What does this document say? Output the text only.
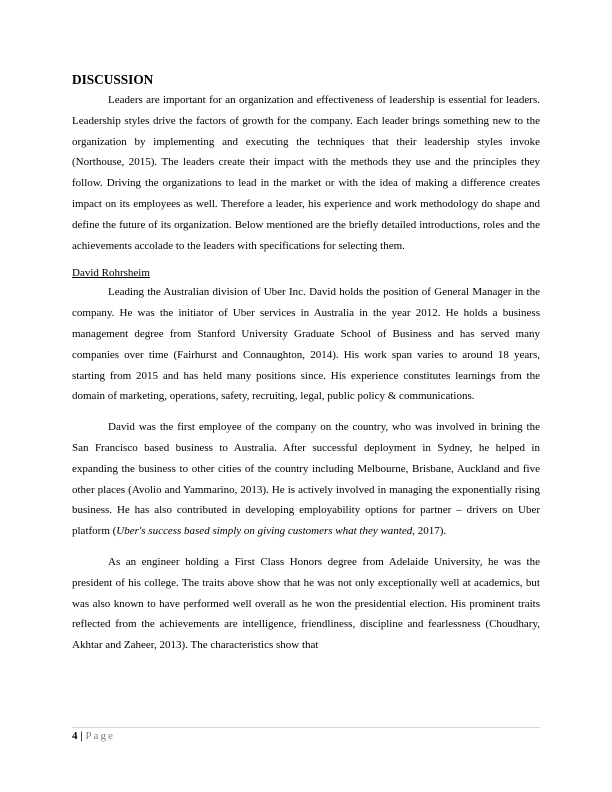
DISCUSSION

Leaders are important for an organization and effectiveness of leadership is essential for leaders. Leadership styles drive the factors of growth for the company. Each leader brings something new to the organization by implementing and executing the techniques that their leadership styles invoke (Northouse, 2015). The leaders create their impact with the methods they use and the principles they follow. Driving the organizations to lead in the market or with the idea of making a difference creates impact on its employees as well. Therefore a leader, his experience and work methodology do shape and define the future of its organization. Below mentioned are the briefly detailed introductions, roles and the achievements accolade to the leaders with specifications for selecting them.

David Rohrsheim

Leading the Australian division of Uber Inc. David holds the position of General Manager in the company. He was the initiator of Uber services in Australia in the year 2012. He holds a business management degree from Stanford University Graduate School of Business and has served many companies over time (Fairhurst and Connaughton, 2014). His work span varies to around 18 years, starting from 2015 and has held many positions since. His experience constitutes learnings from the domain of marketing, operations, safety, recruiting, legal, public policy & communications.

David was the first employee of the company on the country, who was involved in brining the San Francisco based business to Australia. After successful deployment in Sydney, he helped in expanding the business to other cities of the country including Melbourne, Brisbane, Auckland and five other places (Avolio and Yammarino, 2013). He is actively involved in managing the exponentially rising business. He has also contributed in developing employability options for partner – drivers on Uber platform (Uber's success based simply on giving customers what they wanted, 2017).

As an engineer holding a First Class Honors degree from Adelaide University, he was the president of his college. The traits above show that he was not only exceptionally well at academics, but was also known to have performed well overall as he won the presidential election. His prominent traits reflected from the achievements are intelligence, friendliness, discipline and fearlessness (Choudhary, Akhtar and Zaheer, 2013). The characteristics show that

4 | Page
